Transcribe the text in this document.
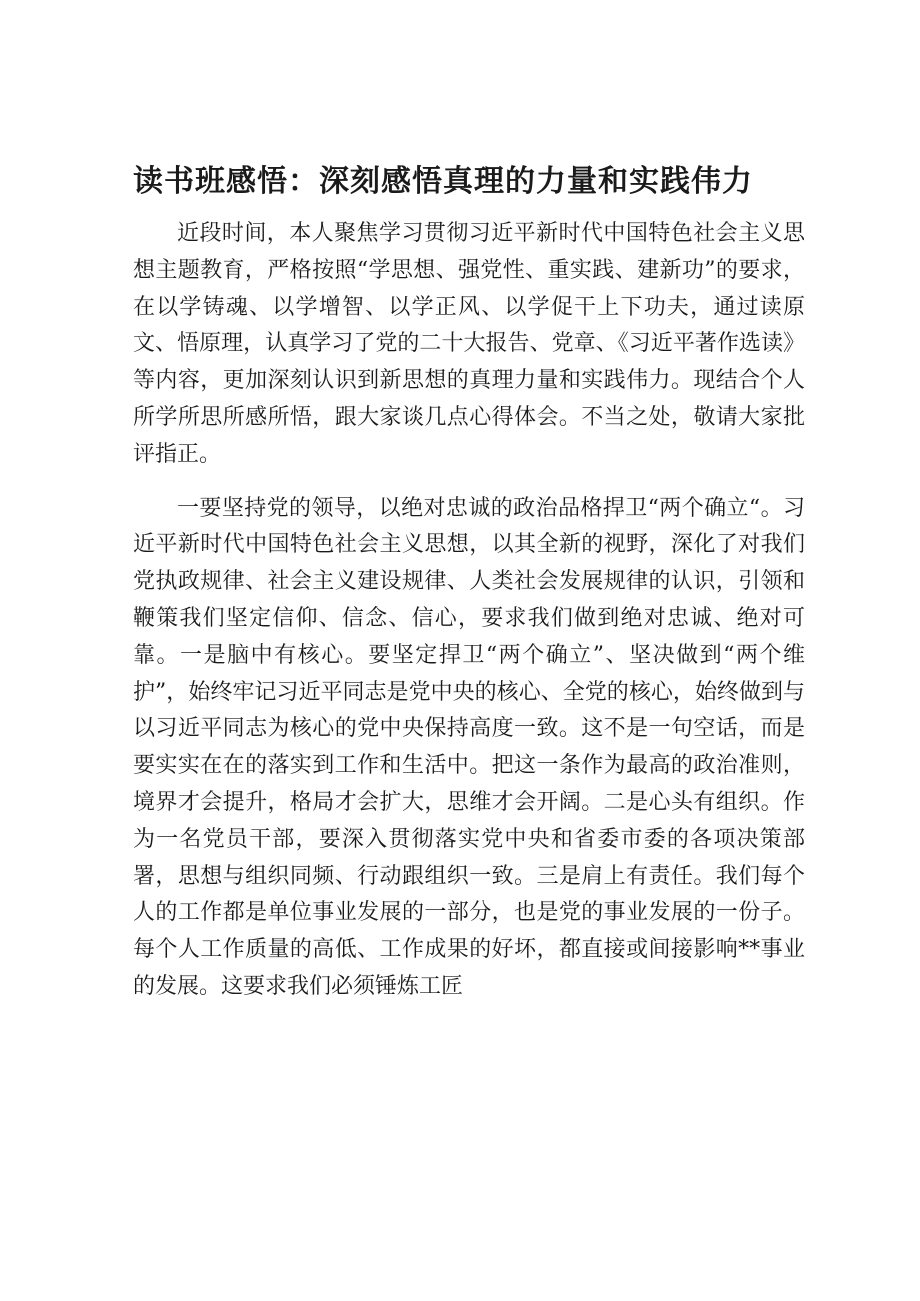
读书班感悟：深刻感悟真理的力量和实践伟力

近段时间，本人聚焦学习贯彻习近平新时代中国特色社会主义思想主题教育，严格按照“学思想、强党性、重实践、建新功”的要求，在以学铸魂、以学增智、以学正风、以学促干上下功夫，通过读原文、悟原理，认真学习了党的二十大报告、党章、《习近平著作选读》等内容，更加深刻认识到新思想的真理力量和实践伟力。现结合个人所学所思所感所悟，跟大家谈几点心得体会。不当之处，敬请大家批评指正。

一要坚持党的领导，以绝对忠诚的政治品格捍卫“两个确立“。习近平新时代中国特色社会主义思想，以其全新的视野，深化了对我们党执政规律、社会主义建设规律、人类社会发展规律的认识，引领和鞭策我们坚定信仰、信念、信心，要求我们做到绝对忠诚、绝对可靠。一是脑中有核心。要坚定捍卫“两个确立”、坚决做到“两个维护”，始终牢记习近平同志是党中央的核心、全党的核心，始终做到与以习近平同志为核心的党中央保持高度一致。这不是一句空话，而是要实实在在的落实到工作和生活中。把这一条作为最高的政治准则，境界才会提升，格局才会扩大，思维才会开阔。二是心头有组织。作为一名党员干部，要深入贯彻落实党中央和省委市委的各项决策部署，思想与组织同频、行动跟组织一致。三是肩上有责任。我们每个人的工作都是单位事业发展的一部分，也是党的事业发展的一份子。每个人工作质量的高低、工作成果的好坏，都直接或间接影响**事业的发展。这要求我们必须锤炼工匠
